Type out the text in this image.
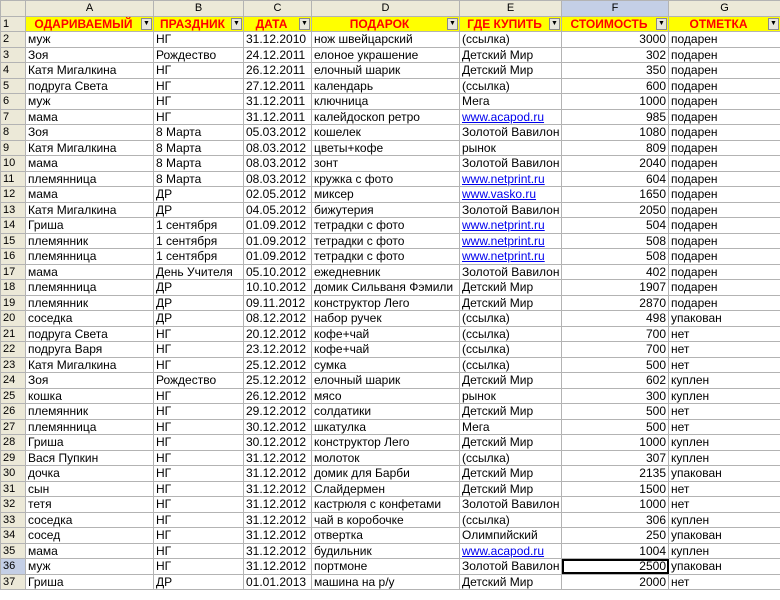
	A	B	C	D	E	F	G
1	ОДАРИВАЕМЫЙ ▼	ПРАЗДНИК ▼	ДАТА ▼	ПОДАРОК ▼	ГДЕ КУПИТЬ ▼	СТОИМОСТЬ ▼	ОТМЕТКА ▼

2	муж	НГ	31.12.2010	нож швейцарский	(ссылка)	3000	подарен
3	Зоя	Рождество	24.12.2011	елоное украшение	Детский Мир	302	подарен
4	Катя Мигалкина	НГ	26.12.2011	елочный шарик	Детский Мир	350	подарен
5	подруга Света	НГ	27.12.2011	календарь	(ссылка)	600	подарен
6	муж	НГ	31.12.2011	ключница	Мега	1000	подарен
7	мама	НГ	31.12.2011	калейдоскоп ретро	www.acapod.ru	985	подарен
8	Зоя	8 Марта	05.03.2012	кошелек	Золотой Вавилон	1080	подарен
9	Катя Мигалкина	8 Марта	08.03.2012	цветы+кофе	рынок	809	подарен
10	мама	8 Марта	08.03.2012	зонт	Золотой Вавилон	2040	подарен
11	племянница	8 Марта	08.03.2012	кружка с фото	www.netprint.ru	604	подарен
12	мама	ДР	02.05.2012	миксер	www.vasko.ru	1650	подарен
13	Катя Мигалкина	ДР	04.05.2012	бижутерия	Золотой Вавилон	2050	подарен
14	Гриша	1 сентября	01.09.2012	тетрадки с фото	www.netprint.ru	504	подарен
15	племянник	1 сентября	01.09.2012	тетрадки с фото	www.netprint.ru	508	подарен
16	племянница	1 сентября	01.09.2012	тетрадки с фото	www.netprint.ru	508	подарен
17	мама	День Учителя	05.10.2012	ежедневник	Золотой Вавилон	402	подарен
18	племянница	ДР	10.10.2012	домик Сильваня Фэмили	Детский Мир	1907	подарен
19	племянник	ДР	09.11.2012	конструктор Лего	Детский Мир	2870	подарен
20	соседка	ДР	08.12.2012	набор ручек	(ссылка)	498	упакован
21	подруга Света	НГ	20.12.2012	кофе+чай	(ссылка)	700	нет
22	подруга Варя	НГ	23.12.2012	кофе+чай	(ссылка)	700	нет
23	Катя Мигалкина	НГ	25.12.2012	сумка	(ссылка)	500	нет
24	Зоя	Рождество	25.12.2012	елочный шарик	Детский Мир	602	куплен
25	кошка	НГ	26.12.2012	мясо	рынок	300	куплен
26	племянник	НГ	29.12.2012	солдатики	Детский Мир	500	нет
27	племянница	НГ	30.12.2012	шкатулка	Мега	500	нет
28	Гриша	НГ	30.12.2012	конструктор Лего	Детский Мир	1000	куплен
29	Вася Пупкин	НГ	31.12.2012	молоток	(ссылка)	307	куплен
30	дочка	НГ	31.12.2012	домик для Барби	Детский Мир	2135	упакован
31	сын	НГ	31.12.2012	Слайдермен	Детский Мир	1500	нет
32	тетя	НГ	31.12.2012	кастрюля с конфетами	Золотой Вавилон	1000	нет
33	соседка	НГ	31.12.2012	чай в коробочке	(ссылка)	306	куплен
34	сосед	НГ	31.12.2012	отвертка	Олимпийский	250	упакован
35	мама	НГ	31.12.2012	будильник	www.acapod.ru	1004	куплен
36	муж	НГ	31.12.2012	портмоне	Золотой Вавилон	2500	упакован
37	Гриша	ДР	01.01.2013	машина на р/у	Детский Мир	2000	нет
